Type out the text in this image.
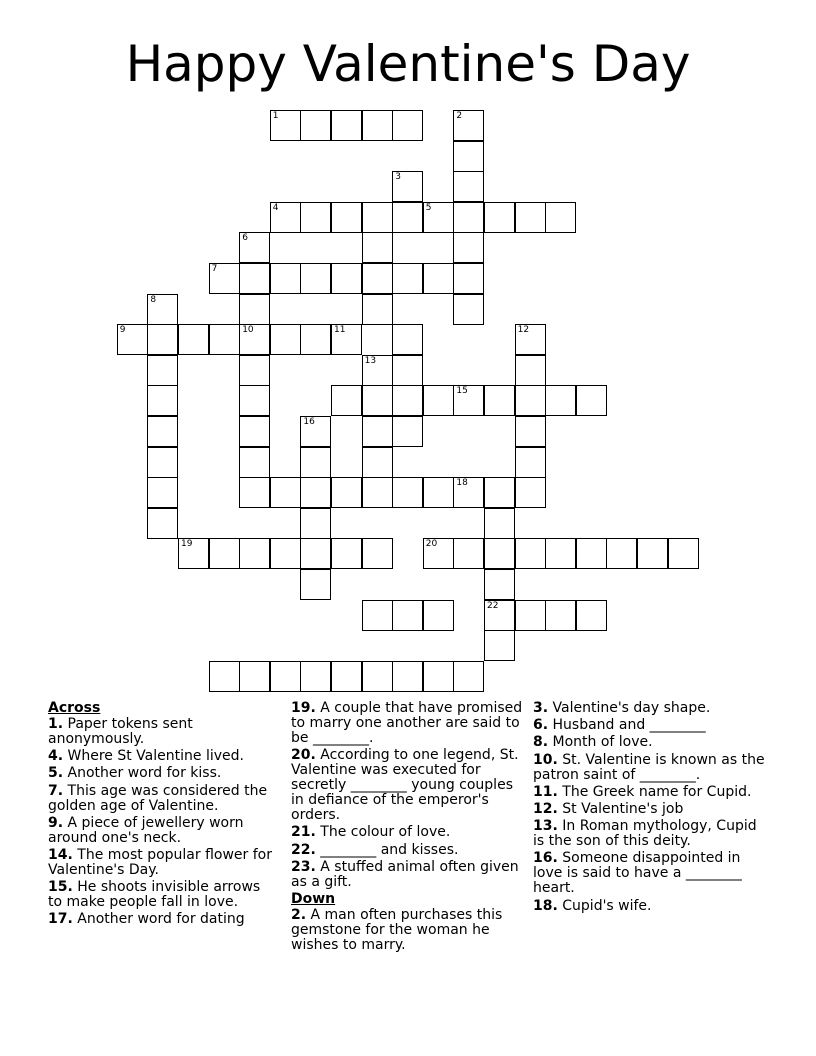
Happy Valentine's Day
1	2
3
4	5
6
7
8
9	10	11	12
13
15
16
18
19	20
22
Across
1. Paper tokens sent anonymously.
4. Where St Valentine lived.
5. Another word for kiss.
7. This age was considered the golden age of Valentine.
9. A piece of jewellery worn around one's neck.
14. The most popular flower for Valentine's Day.
15. He shoots invisible arrows to make people fall in love.
17. Another word for dating
19. A couple that have promised to marry one another are said to be ________.
20. According to one legend, St. Valentine was executed for secretly ________ young couples in defiance of the emperor's orders.
21. The colour of love.
22. ________ and kisses.
23. A stuffed animal often given as a gift.
Down
2. A man often purchases this gemstone for the woman he wishes to marry.
3. Valentine's day shape.
6. Husband and ________
8. Month of love.
10. St. Valentine is known as the patron saint of ________.
11. The Greek name for Cupid.
12. St Valentine's job
13. In Roman mythology, Cupid is the son of this deity.
16. Someone disappointed in love is said to have a ________ heart.
18. Cupid's wife.
